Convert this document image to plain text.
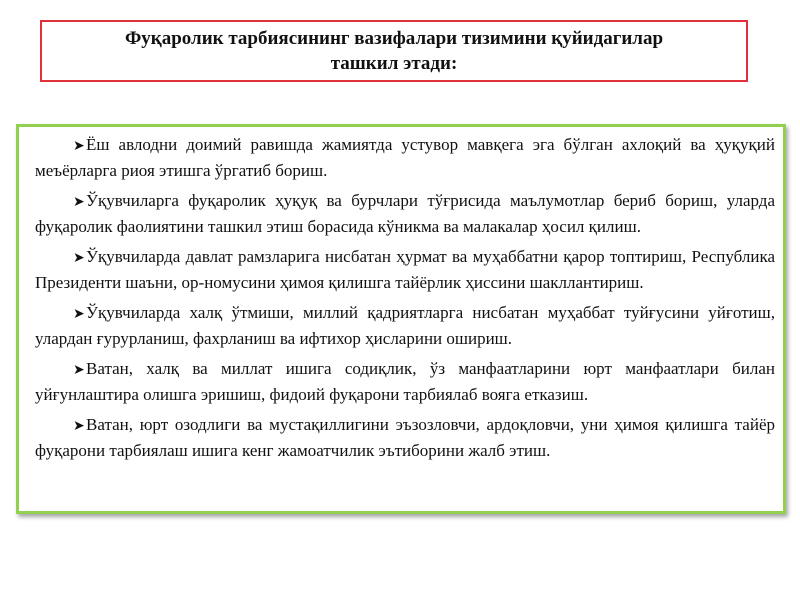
Фуқаролик тарбиясининг вазифалари тизимини қуйидагилар ташкил этади:

➤Ёш авлодни доимий равишда жамиятда устувор мавқега эга бўлган ахлоқий ва ҳуқуқий меъёрларга риоя этишга ўргатиб бориш.

➤Ўқувчиларга фуқаролик ҳуқуқ ва бурчлари тўғрисида маълумотлар бериб бориш, уларда фуқаролик фаолиятини ташкил этиш борасида кўникма ва малакалар ҳосил қилиш.

➤Ўқувчиларда давлат рамзларига нисбатан ҳурмат ва муҳаббатни қарор топтириш, Республика Президенти шаъни, ор-номусини ҳимоя қилишга тайёрлик ҳиссини шакллантириш.

➤Ўқувчиларда халқ ўтмиши, миллий қадриятларга нисбатан муҳаббат туйғусини уйғотиш, улардан ғурурланиш, фахрланиш ва ифтихор ҳисларини ошириш.

➤Ватан, халқ ва миллат ишига содиқлик, ўз манфаатларини юрт манфаатлари билан уйғунлаштира олишга эришиш, фидоий фуқарони тарбиялаб вояга етказиш.

➤Ватан, юрт озодлиги ва мустақиллигини эъзозловчи, ардоқловчи, уни ҳимоя қилишга тайёр фуқарони тарбиялаш ишига кенг жамоатчилик эътиборини жалб этиш.
